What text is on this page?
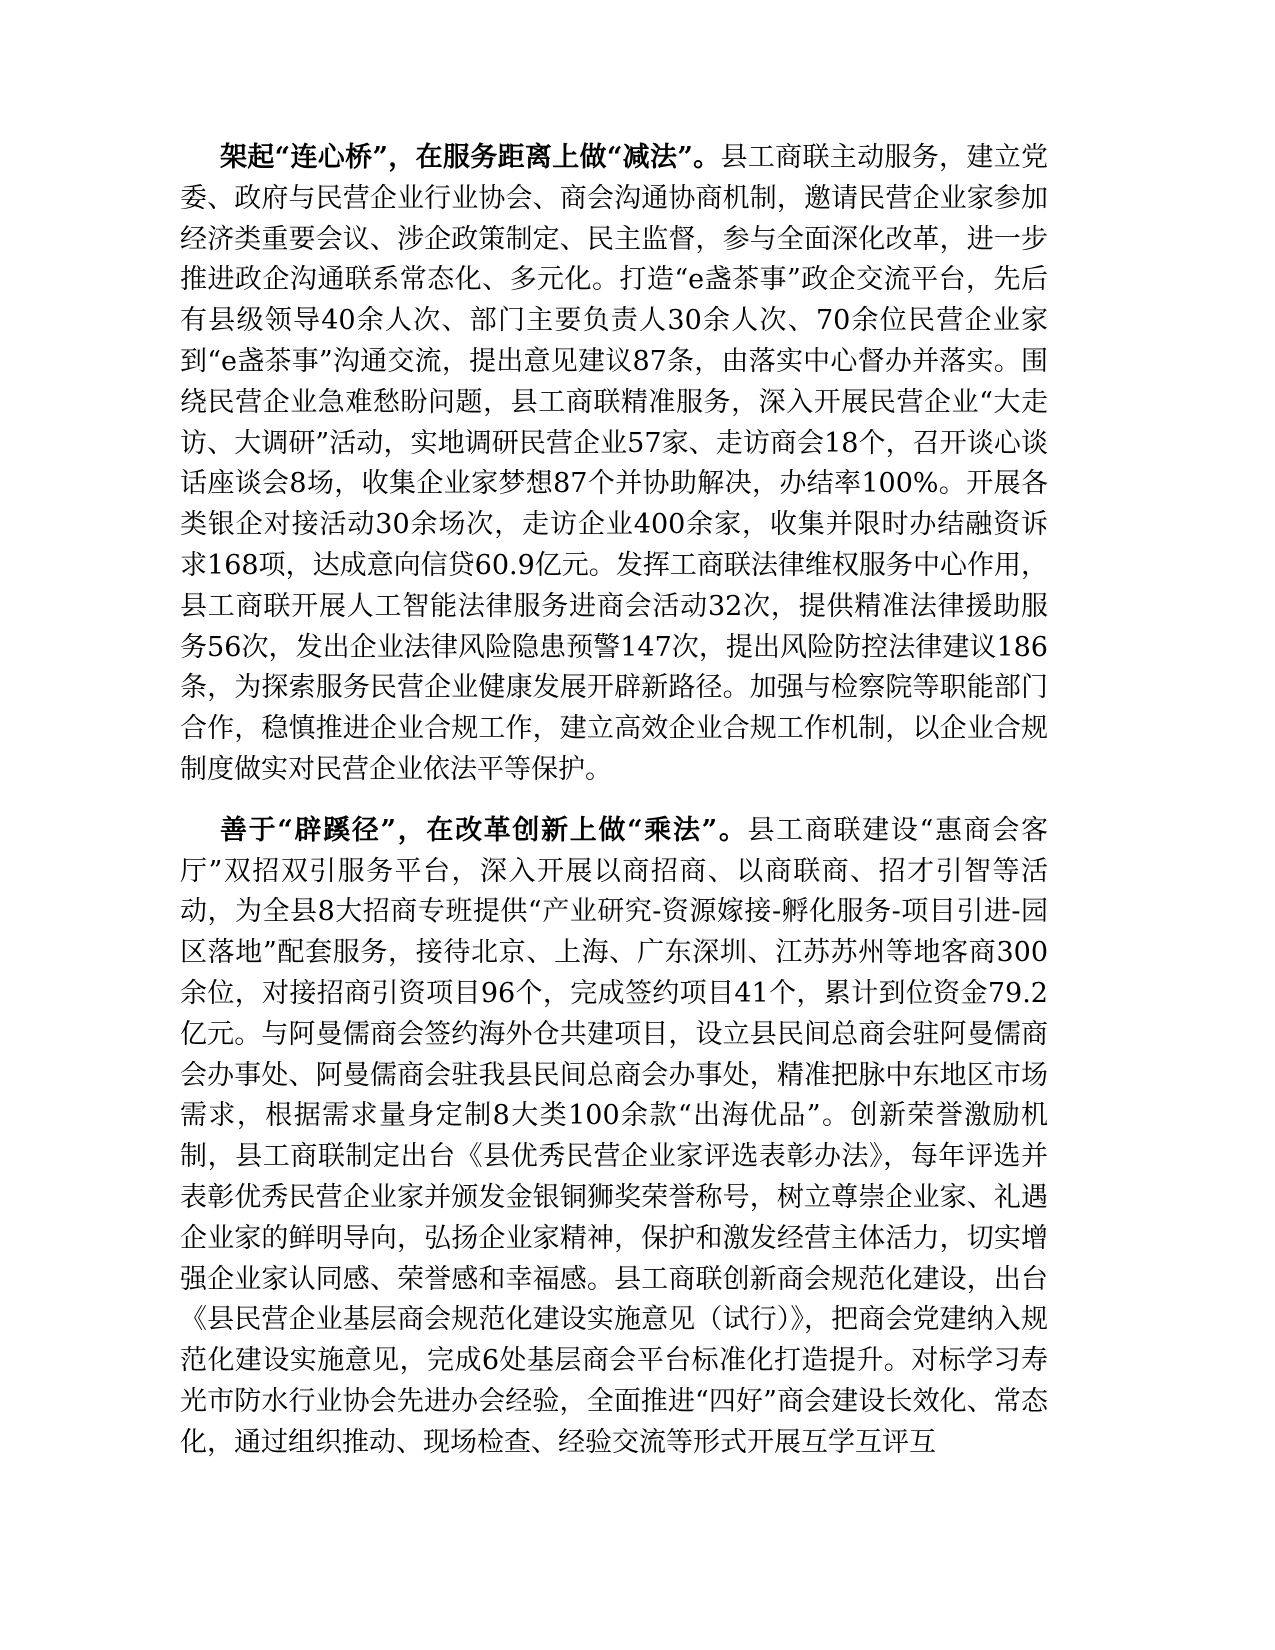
架起“连心桥”，在服务距离上做“减法”。县工商联主动服务，建立党委、政府与民营企业行业协会、商会沟通协商机制，邀请民营企业家参加经济类重要会议、涉企政策制定、民主监督，参与全面深化改革，进一步推进政企沟通联系常态化、多元化。打造“e盏茶事”政企交流平台，先后有县级领导40余人次、部门主要负责人30余人次、70余位民营企业家到“e盏茶事”沟通交流，提出意见建议87条，由落实中心督办并落实。围绕民营企业急难愁盼问题，县工商联精准服务，深入开展民营企业“大走访、大调研”活动，实地调研民营企业57家、走访商会18个，召开谈心谈话座谈会8场，收集企业家梦想87个并协助解决，办结率100%。开展各类银企对接活动30余场次，走访企业400余家，收集并限时办结融资诉求168项，达成意向信贷60.9亿元。发挥工商联法律维权服务中心作用，县工商联开展人工智能法律服务进商会活动32次，提供精准法律援助服务56次，发出企业法律风险隐患预警147次，提出风险防控法律建议186条，为探索服务民营企业健康发展开辟新路径。加强与检察院等职能部门合作，稳慎推进企业合规工作，建立高效企业合规工作机制，以企业合规制度做实对民营企业依法平等保护。

善于“辟蹊径”，在改革创新上做“乘法”。县工商联建设“惠商会客厅”双招双引服务平台，深入开展以商招商、以商联商、招才引智等活动，为全县8大招商专班提供“产业研究-资源嫁接-孵化服务-项目引进-园区落地”配套服务，接待北京、上海、广东深圳、江苏苏州等地客商300余位，对接招商引资项目96个，完成签约项目41个，累计到位资金79.2亿元。与阿曼儒商会签约海外仓共建项目，设立县民间总商会驻阿曼儒商会办事处、阿曼儒商会驻我县民间总商会办事处，精准把脉中东地区市场需求，根据需求量身定制8大类100余款“出海优品”。创新荣誉激励机制，县工商联制定出台《县优秀民营企业家评选表彰办法》，每年评选并表彰优秀民营企业家并颁发金银铜狮奖荣誉称号，树立尊崇企业家、礼遇企业家的鲜明导向，弘扬企业家精神，保护和激发经营主体活力，切实增强企业家认同感、荣誉感和幸福感。县工商联创新商会规范化建设，出台《县民营企业基层商会规范化建设实施意见（试行）》，把商会党建纳入规范化建设实施意见，完成6处基层商会平台标准化打造提升。对标学习寿光市防水行业协会先进办会经验，全面推进“四好”商会建设长效化、常态化，通过组织推动、现场检查、经验交流等形式开展互学互评互
